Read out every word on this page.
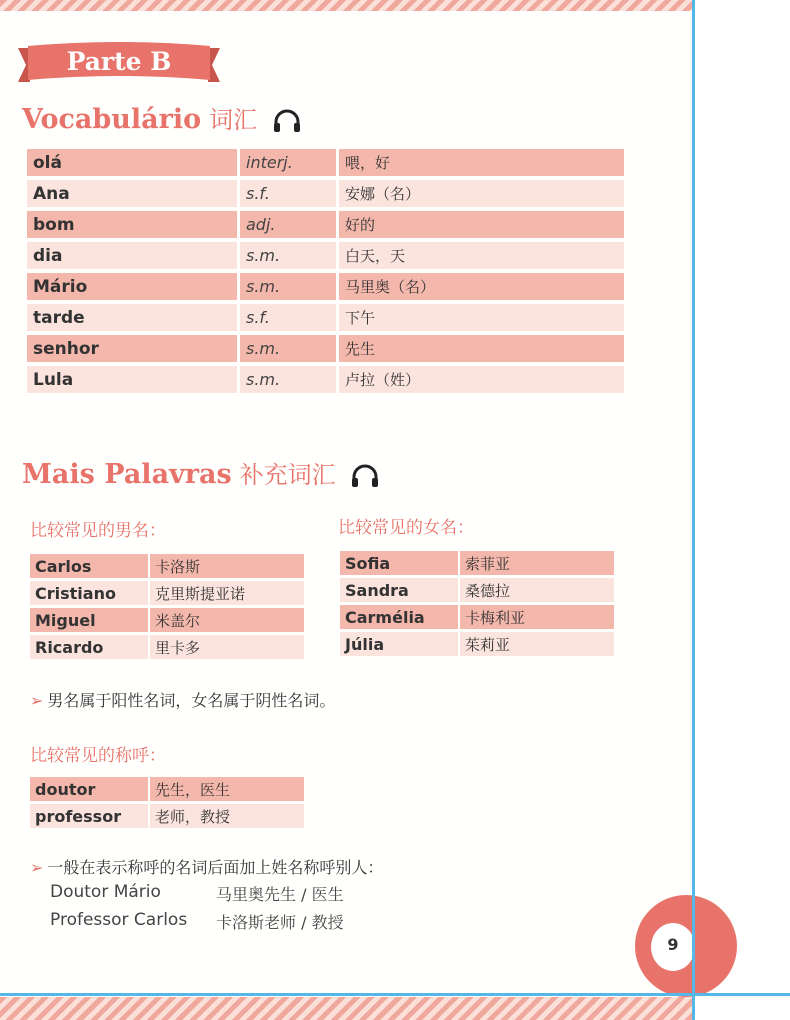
Parte B
Vocabulário 词汇
olá	interj.	喂，好
Ana	s.f.	安娜（名）
bom	adj.	好的
dia	s.m.	白天，天
Mário	s.m.	马里奥（名）
tarde	s.f.	下午
senhor	s.m.	先生
Lula	s.m.	卢拉（姓）
Mais Palavras 补充词汇
比较常见的男名：	比较常见的女名：
Carlos	卡洛斯
Cristiano	克里斯提亚诺
Miguel	米盖尔
Ricardo	里卡多
Sofia	索菲亚
Sandra	桑德拉
Carmélia	卡梅利亚
Júlia	茱莉亚
➢ 男名属于阳性名词，女名属于阴性名词。
比较常见的称呼：
doutor	先生，医生
professor	老师，教授
➢ 一般在表示称呼的名词后面加上姓名称呼别人：
Doutor Mário	马里奥先生 / 医生
Professor Carlos 卡洛斯老师 / 教授
9
